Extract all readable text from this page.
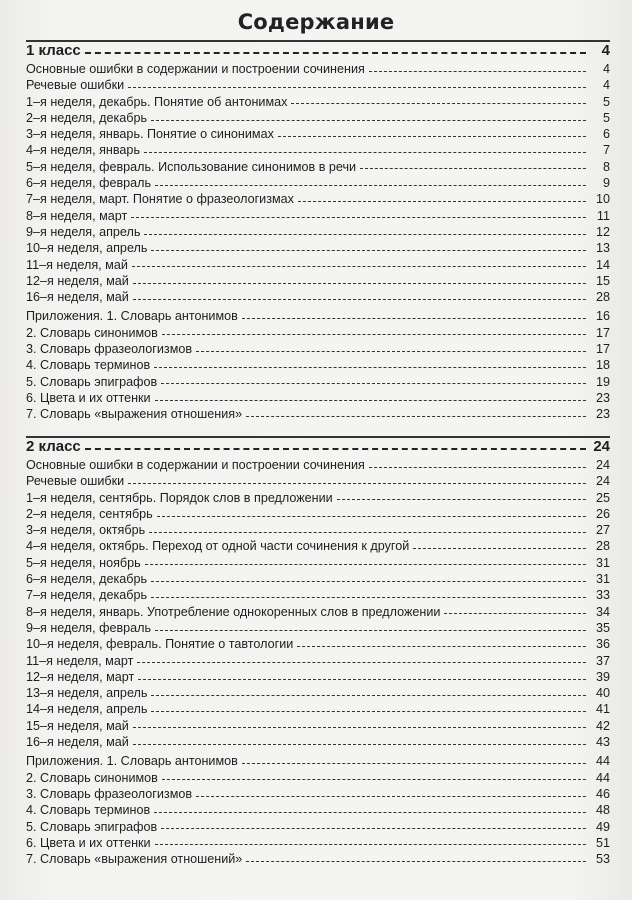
Содержание
1 класс	4
Основные ошибки в содержании и построении сочинения	4
Речевые ошибки	4
1–я неделя, декабрь. Понятие об антонимах	5
2–я неделя, декабрь	5
3–я неделя, январь. Понятие о синонимах	6
4–я неделя, январь	7
5–я неделя, февраль. Использование синонимов в речи	8
6–я неделя, февраль	9
7–я неделя, март. Понятие о фразеологизмах	10
8–я неделя, март	11
9–я неделя, апрель	12
10–я неделя, апрель	13
11–я неделя, май	14
12–я неделя, май	15
16–я неделя, май	28
Приложения. 1. Словарь антонимов	16
2. Словарь синонимов	17
3. Словарь фразеологизмов	17
4. Словарь терминов	18
5. Словарь эпиграфов	19
6. Цвета и их оттенки	23
7. Словарь «выражения отношения»	23
2 класс	24
Основные ошибки в содержании и построении сочинения	24
Речевые ошибки	24
1–я неделя, сентябрь. Порядок слов в предложении	25
2–я неделя, сентябрь	26
3–я неделя, октябрь	27
4–я неделя, октябрь. Переход от одной части сочинения к другой	28
5–я неделя, ноябрь	31
6–я неделя, декабрь	31
7–я неделя, декабрь	33
8–я неделя, январь. Употребление однокоренных слов в предложении	34
9–я неделя, февраль	35
10–я неделя, февраль. Понятие о тавтологии	36
11–я неделя, март	37
12–я неделя, март	39
13–я неделя, апрель	40
14–я неделя, апрель	41
15–я неделя, май	42
16–я неделя, май	43
Приложения. 1. Словарь антонимов	44
2. Словарь синонимов	44
3. Словарь фразеологизмов	46
4. Словарь терминов	48
5. Словарь эпиграфов	49
6. Цвета и их оттенки	51
7. Словарь «выражения отношений»	53
